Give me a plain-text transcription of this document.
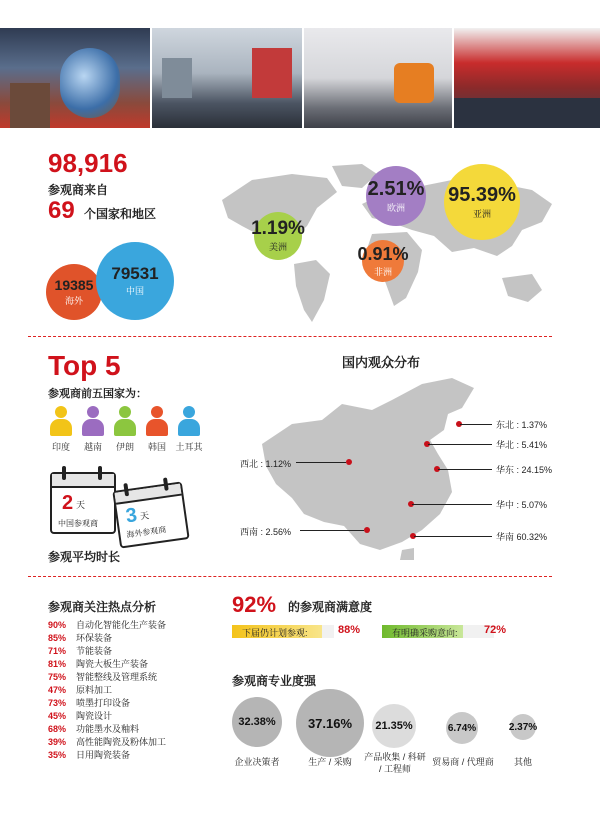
98,916
参观商来自
69 个国家和地区
19385
海外
79531
中国
1.19%
美洲
2.51%
欧洲
95.39%
亚洲
0.91%
非洲
Top 5
参观商前五国家为：
印度	越南	伊朗	韩国	土耳其
2 天
中国参观商 3 天
海外参观商
参观平均时长
国内观众分布
东北 : 1.37%
华北 : 5.41%
华东 : 24.15%
华中 : 5.07%
华南 60.32%
西北 : 1.12%
西南 : 2.56%
参观商关注热点分析
90% 自动化智能化生产装备
85% 环保装备
71% 节能装备
81% 陶瓷大板生产装备
75% 智能整线及管理系统
47% 原料加工
73% 喷墨打印设备
45% 陶瓷设计
68% 功能墨水及釉料
39% 高性能陶瓷及粉体加工
35% 日用陶瓷装备
92% 的参观商满意度
下届仍计划参观:	88%	有明确采购意向: 72%
参观商专业度强
32.38%	37.16%	21.35%	6.74%	2.37%
企业决策者	生产 / 采购	产品收集 / 科研 / 工程师
贸易商 / 代理商	其他
